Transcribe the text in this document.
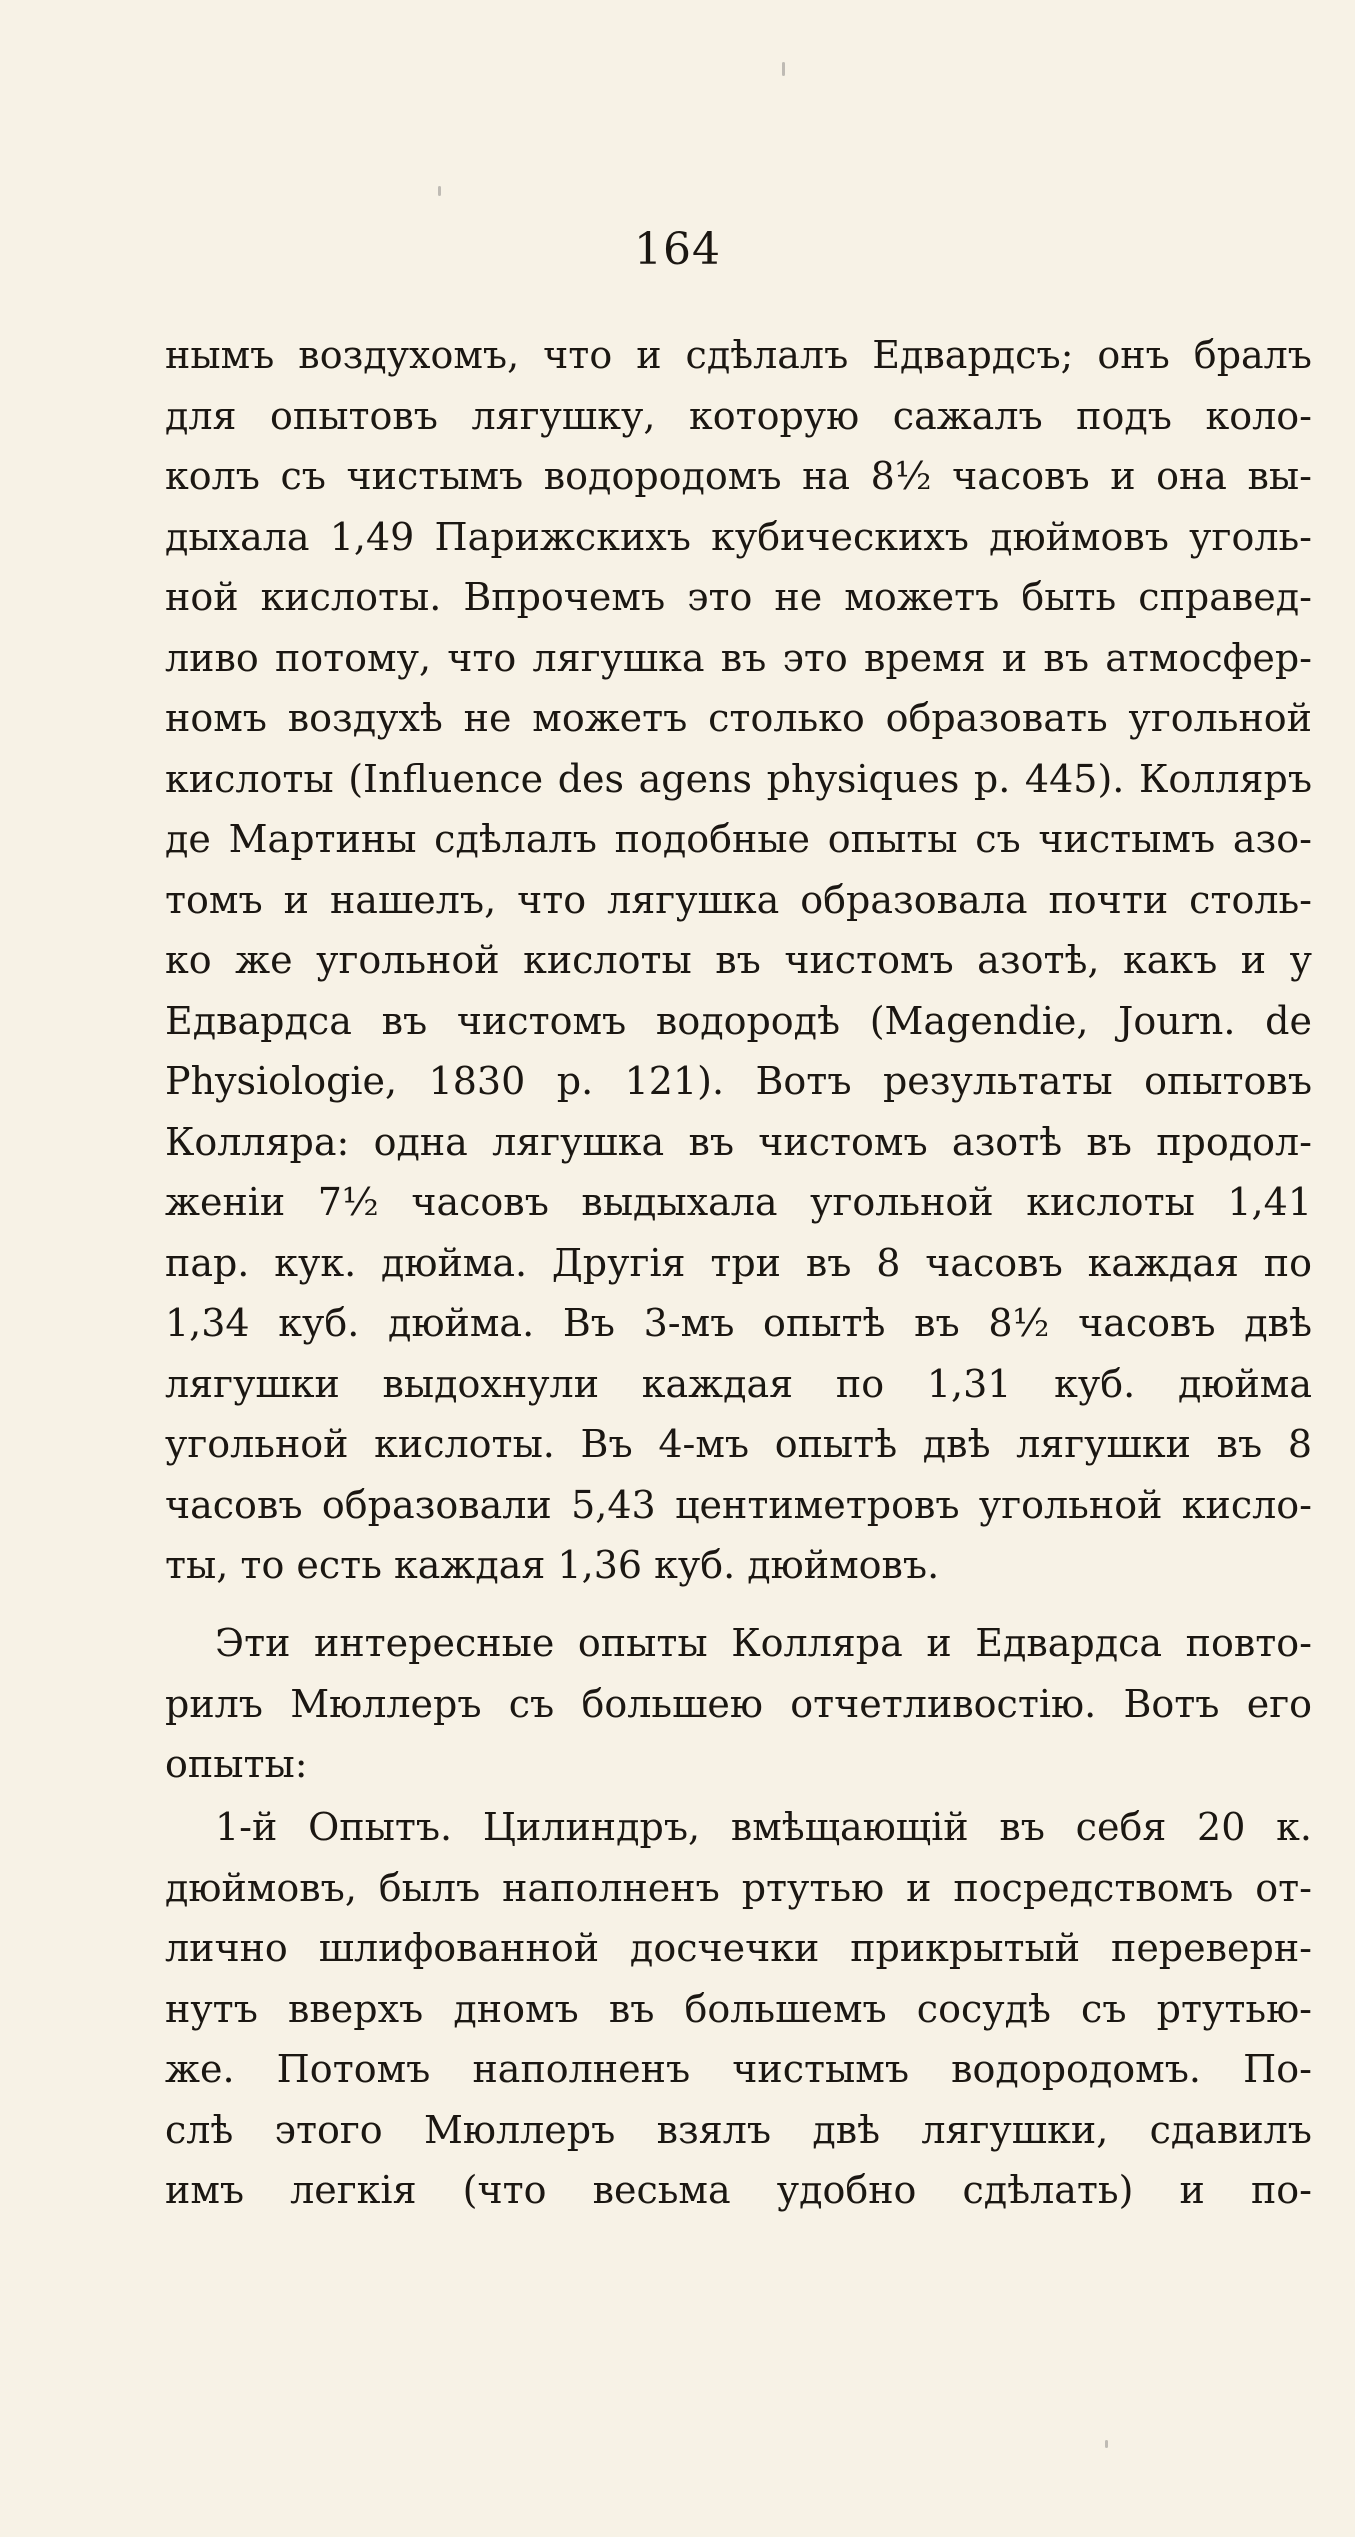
164
нымъ воздухомъ, что и сдѣлалъ Едвардсъ; онъ бралъ
для опытовъ лягушку, которую сажалъ подъ коло-
колъ съ чистымъ водородомъ на 8½ часовъ и она вы-
дыхала 1,49 Парижскихъ кубическихъ дюймовъ уголь-
ной кислоты. Впрочемъ это не можетъ быть справед-
ливо потому, что лягушка въ это время и въ атмосфер-
номъ воздухѣ не можетъ столько образовать угольной
кислоты (Influence des agens physiques p. 445). Колляръ
де Мартины сдѣлалъ подобные опыты съ чистымъ азо-
томъ и нашелъ, что лягушка образовала почти столь-
ко же угольной кислоты въ чистомъ азотѣ, какъ и у
Едвардса въ чистомъ водородѣ (Magendie, Journ. de
Physiologie, 1830 p. 121). Вотъ результаты опытовъ
Колляра: одна лягушка въ чистомъ азотѣ въ продол-
женіи 7½ часовъ выдыхала угольной кислоты 1,41
пар. кук. дюйма. Другія три въ 8 часовъ каждая по
1,34 куб. дюйма. Въ 3-мъ опытѣ въ 8½ часовъ двѣ
лягушки выдохнули каждая по 1,31 куб. дюйма
угольной кислоты. Въ 4-мъ опытѣ двѣ лягушки въ 8
часовъ образовали 5,43 центиметровъ угольной кисло-
ты, то есть каждая 1,36 куб. дюймовъ.
Эти интересные опыты Колляра и Едвардса повто-
рилъ Мюллеръ съ большею отчетливостію. Вотъ его
опыты:
1-й Опытъ. Цилиндръ, вмѣщающій въ себя 20 к.
дюймовъ, былъ наполненъ ртутью и посредствомъ от-
лично шлифованной досчечки прикрытый переверн-
нутъ вверхъ дномъ въ большемъ сосудѣ съ ртутью-
же. Потомъ наполненъ чистымъ водородомъ. По-
слѣ этого Мюллеръ взялъ двѣ лягушки, сдавилъ
имъ легкія (что весьма удобно сдѣлать) и по-
